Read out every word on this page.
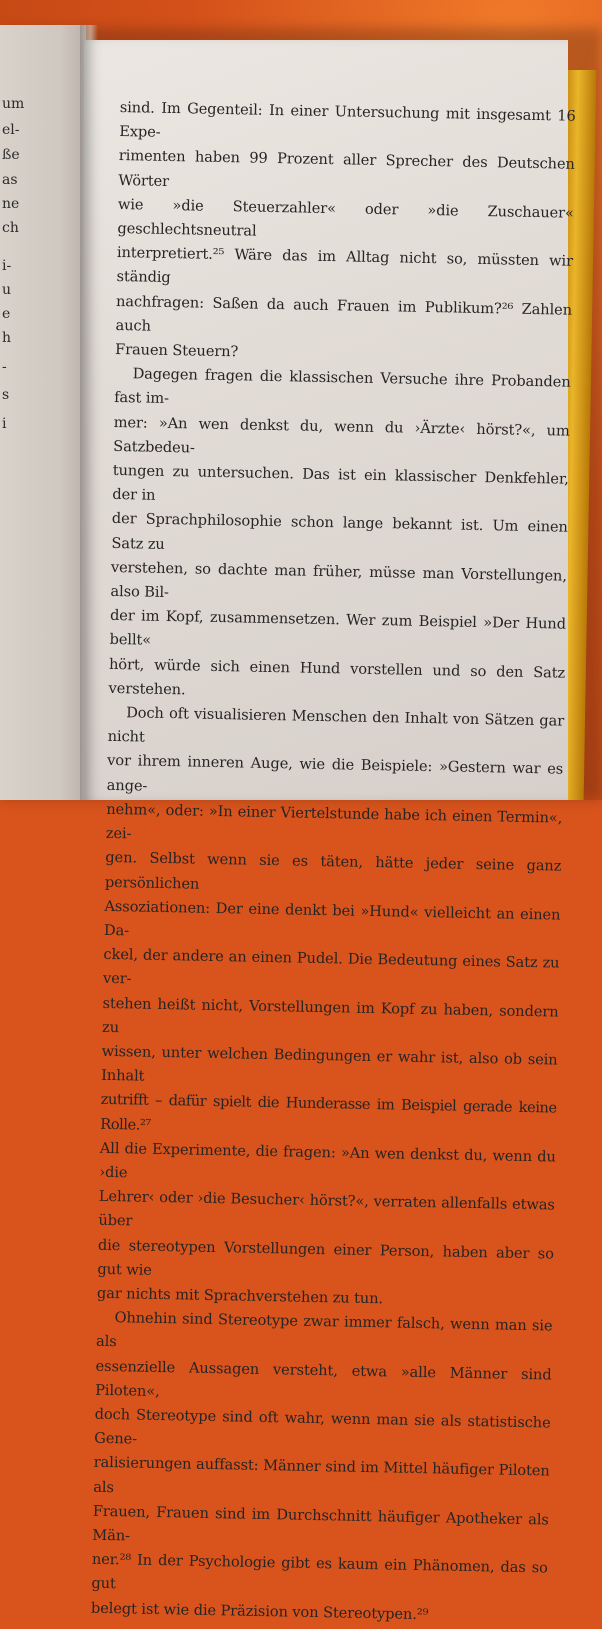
um
el-
ße
as
ne
ch
i-
u
e
h
-
s
i

sind. Im Gegenteil: In einer Untersuchung mit insgesamt 16 Expe-
rimenten haben 99 Prozent aller Sprecher des Deutschen Wörter
wie »die Steuerzahler« oder »die Zuschauer« geschlechtsneutral
interpretiert.²⁵ Wäre das im Alltag nicht so, müssten wir ständig
nachfragen: Saßen da auch Frauen im Publikum?²⁶ Zahlen auch
Frauen Steuern?

Dagegen fragen die klassischen Versuche ihre Probanden fast im-
mer: »An wen denkst du, wenn du ›Ärzte‹ hörst?«, um Satzbedeu-
tungen zu untersuchen. Das ist ein klassischer Denkfehler, der in
der Sprachphilosophie schon lange bekannt ist. Um einen Satz zu
verstehen, so dachte man früher, müsse man Vorstellungen, also Bil-
der im Kopf, zusammensetzen. Wer zum Beispiel »Der Hund bellt«
hört, würde sich einen Hund vorstellen und so den Satz verstehen.

Doch oft visualisieren Menschen den Inhalt von Sätzen gar nicht
vor ihrem inneren Auge, wie die Beispiele: »Gestern war es ange-
nehm«, oder: »In einer Viertelstunde habe ich einen Termin«, zei-
gen. Selbst wenn sie es täten, hätte jeder seine ganz persönlichen
Assoziationen: Der eine denkt bei »Hund« vielleicht an einen Da-
ckel, der andere an einen Pudel. Die Bedeutung eines Satz zu ver-
stehen heißt nicht, Vorstellungen im Kopf zu haben, sondern zu
wissen, unter welchen Bedingungen er wahr ist, also ob sein Inhalt
zutrifft – dafür spielt die Hunderasse im Beispiel gerade keine Rolle.²⁷
All die Experimente, die fragen: »An wen denkst du, wenn du ›die
Lehrer‹ oder ›die Besucher‹ hörst?«, verraten allenfalls etwas über
die stereotypen Vorstellungen einer Person, haben aber so gut wie
gar nichts mit Sprachverstehen zu tun.

Ohnehin sind Stereotype zwar immer falsch, wenn man sie als
essenzielle Aussagen versteht, etwa »alle Männer sind Piloten«,
doch Stereotype sind oft wahr, wenn man sie als statistische Gene-
ralisierungen auffasst: Männer sind im Mittel häufiger Piloten als
Frauen, Frauen sind im Durchschnitt häufiger Apotheker als Män-
ner.²⁸ In der Psychologie gibt es kaum ein Phänomen, das so gut
belegt ist wie die Präzision von Stereotypen.²⁹
